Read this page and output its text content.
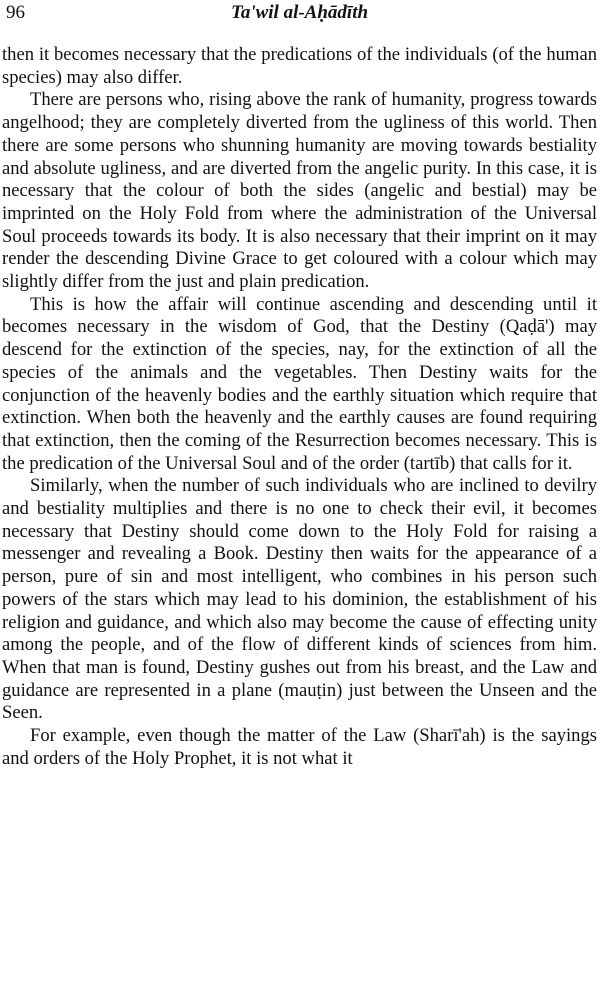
96	Ta'wil al-Aḥādīth

then it becomes necessary that the predications of the individuals (of the human species) may also differ.

There are persons who, rising above the rank of humanity, progress towards angelhood; they are completely diverted from the ugliness of this world. Then there are some persons who shunning humanity are moving towards bestiality and absolute ugliness, and are diverted from the angelic purity. In this case, it is necessary that the colour of both the sides (angelic and bestial) may be imprinted on the Holy Fold from where the administration of the Universal Soul proceeds towards its body. It is also necessary that their imprint on it may render the descending Divine Grace to get coloured with a colour which may slightly differ from the just and plain predication.

This is how the affair will continue ascending and descending until it becomes necessary in the wisdom of God, that the Destiny (Qaḍā') may descend for the extinction of the species, nay, for the extinction of all the species of the animals and the vegetables. Then Destiny waits for the conjunction of the heavenly bodies and the earthly situation which require that extinction. When both the heavenly and the earthly causes are found requiring that extinction, then the coming of the Resurrection becomes necessary. This is the predication of the Universal Soul and of the order (tartīb) that calls for it.

Similarly, when the number of such individuals who are inclined to devilry and bestiality multiplies and there is no one to check their evil, it becomes necessary that Destiny should come down to the Holy Fold for raising a messenger and revealing a Book. Destiny then waits for the appearance of a person, pure of sin and most intelligent, who combines in his person such powers of the stars which may lead to his dominion, the establishment of his religion and guidance, and which also may become the cause of effecting unity among the people, and of the flow of different kinds of sciences from him. When that man is found, Destiny gushes out from his breast, and the Law and guidance are represented in a plane (mauṭin) just between the Unseen and the Seen.

For example, even though the matter of the Law (Sharī'ah) is the sayings and orders of the Holy Prophet, it is not what it
